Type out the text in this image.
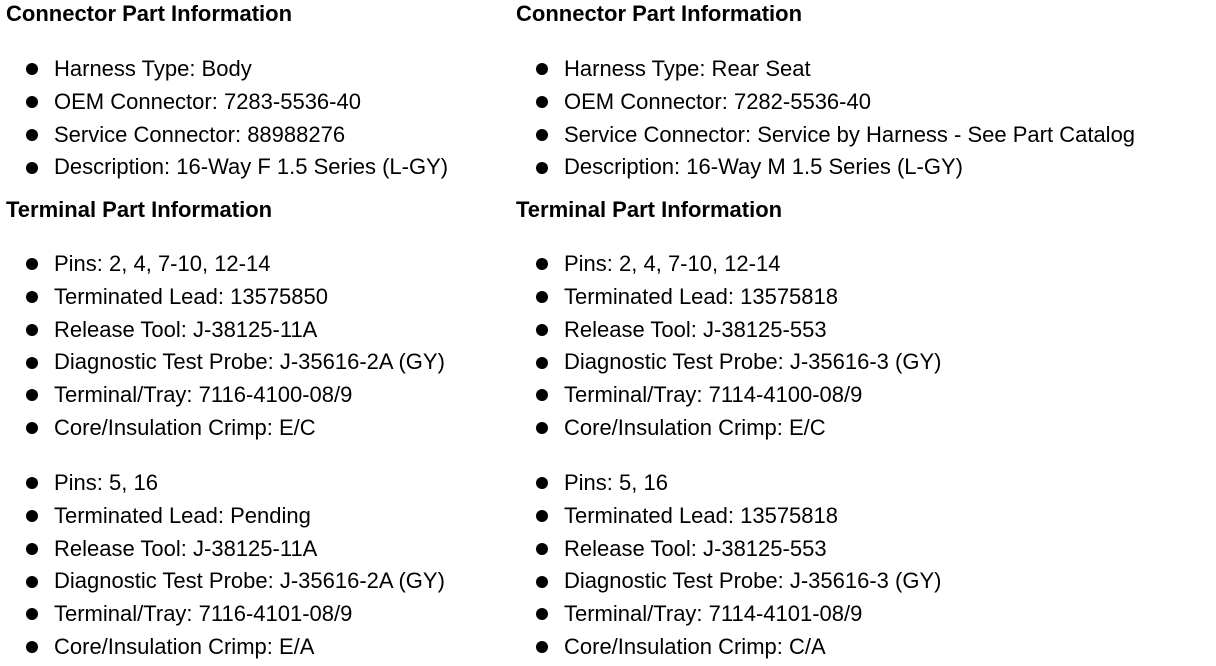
Connector Part Information
Harness Type: Body
OEM Connector: 7283-5536-40
Service Connector: 88988276
Description: 16-Way F 1.5 Series (L-GY)
Terminal Part Information
Pins: 2, 4, 7-10, 12-14
Terminated Lead: 13575850
Release Tool: J-38125-11A
Diagnostic Test Probe: J-35616-2A (GY)
Terminal/Tray: 7116-4100-08/9
Core/Insulation Crimp: E/C
Pins: 5, 16
Terminated Lead: Pending
Release Tool: J-38125-11A
Diagnostic Test Probe: J-35616-2A (GY)
Terminal/Tray: 7116-4101-08/9
Core/Insulation Crimp: E/A
Connector Part Information
Harness Type: Rear Seat
OEM Connector: 7282-5536-40
Service Connector: Service by Harness - See Part Catalog
Description: 16-Way M 1.5 Series (L-GY)
Terminal Part Information
Pins: 2, 4, 7-10, 12-14
Terminated Lead: 13575818
Release Tool: J-38125-553
Diagnostic Test Probe: J-35616-3 (GY)
Terminal/Tray: 7114-4100-08/9
Core/Insulation Crimp: E/C
Pins: 5, 16
Terminated Lead: 13575818
Release Tool: J-38125-553
Diagnostic Test Probe: J-35616-3 (GY)
Terminal/Tray: 7114-4101-08/9
Core/Insulation Crimp: C/A
